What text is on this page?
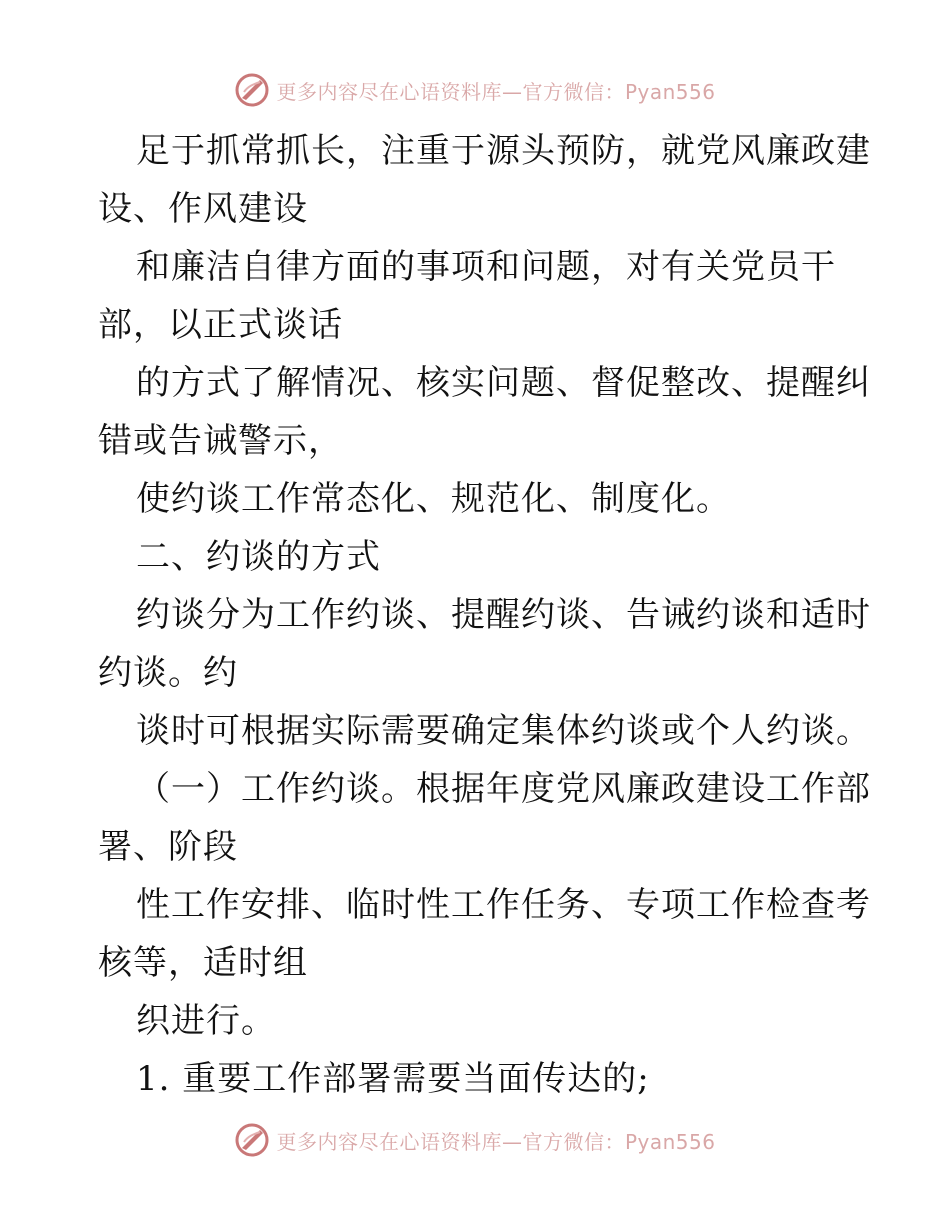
更多内容尽在心语资料库—官方微信：Pyan556
足于抓常抓长，注重于源头预防，就党风廉政建
设、作风建设
和廉洁自律方面的事项和问题，对有关党员干
部，以正式谈话
的方式了解情况、核实问题、督促整改、提醒纠
错或告诫警示，
使约谈工作常态化、规范化、制度化。
二、约谈的方式
约谈分为工作约谈、提醒约谈、告诫约谈和适时
约谈。约
谈时可根据实际需要确定集体约谈或个人约谈。
（一）工作约谈。根据年度党风廉政建设工作部
署、阶段
性工作安排、临时性工作任务、专项工作检查考
核等，适时组
织进行。
1. 重要工作部署需要当面传达的;
更多内容尽在心语资料库—官方微信：Pyan556
